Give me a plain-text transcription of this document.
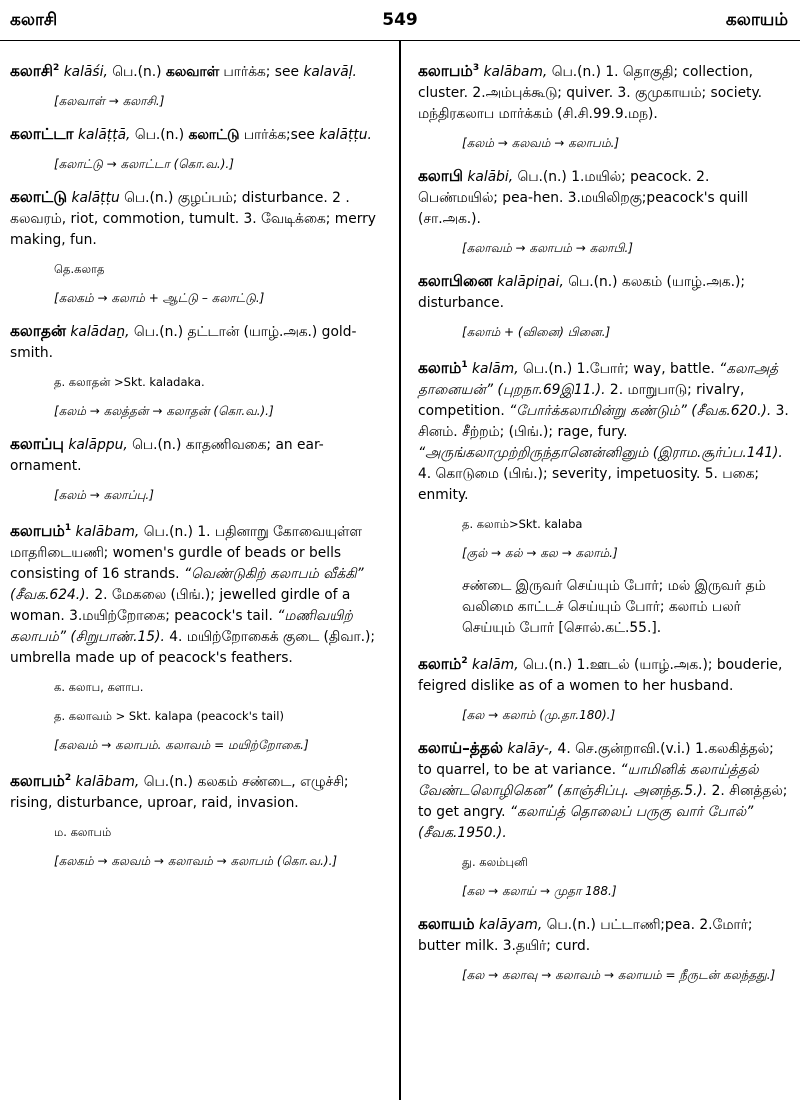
கலாசி	549	கலாயம்
கலாசி$^2$ kalāśi, பெ.(n.) கலவாள் பார்க்க; see kalavāḷ.
[கலவாள் → கலாசி.]
கலாட்டா kalāṭṭā, பெ.(n.) கலாட்டு பார்க்க;see kalāṭṭu.
[கலாட்டு → கலாட்டா (கொ.வ.).]
கலாட்டு kalāṭṭu பெ.(n.) குழப்பம்; disturbance. 2 . கலவரம், riot, commotion, tumult. 3. வேடிக்கை; merry making, fun.
தெ.கலாத
[கலகம் → கலாம் + ஆட்டு – கலாட்டு.]
கலாதன் kalādaṉ, பெ.(n.) தட்டான் (யாழ்.அக.) gold-smith.
த. கலாதன் >Skt. kaladaka.
[கலம் → கலத்தன் → கலாதன் (கொ.வ.).]
கலாப்பு kalāppu, பெ.(n.) காதணிவகை; an ear-ornament.
[கலம் → கலாப்பு.]
கலாபம்$^1$ kalābam, பெ.(n.) 1. பதினாறு கோவையுள்ள மாதரிடையணி; women's gurdle of beads or bells consisting of 16 strands. “வெண்டுகிற் கலாபம் வீக்கி” (சீவக.624.). 2. மேகலை (பிங்.); jewelled girdle of a woman. 3.மயிற்றோகை; peacock's tail. “மணிவயிற் கலாபம்” (சிறுபாண்.15). 4. மயிற்றோகைக் குடை (திவா.); umbrella made up of peacock's feathers.
க. கலாப, களாப.
த. கலாவம் > Skt. kalapa (peacock's tail)
[கலவம் → கலாபம். கலாவம் = மயிற்றோகை.]
கலாபம்$^2$ kalābam, பெ.(n.) கலகம் சண்டை, எழுச்சி; rising, disturbance, uproar, raid, invasion.
ம. கலாபம்
[கலகம் → கலவம் → கலாவம் → கலாபம் (கொ.வ.).]
கலாபம்$^3$ kalābam, பெ.(n.) 1. தொகுதி; collection, cluster. 2.அம்புக்கூடு; quiver. 3. குமுகாயம்; society. மந்திரகலாப மார்க்கம் (சி.சி.99.9.மந).
[கலம் → கலவம் → கலாபம்.]
கலாபி kalābi, பெ.(n.) 1.மயில்; peacock. 2. பெண்மயில்; pea-hen. 3.மயிலிறகு;peacock's quill (சா.அக.).
[கலாவம் → கலாபம் → கலாபி.]
கலாபினை kalāpiṉai, பெ.(n.) கலகம் (யாழ்.அக.); disturbance.
[கலாம் + (வினை) பினை.]
கலாம்$^1$ kalām, பெ.(n.) 1.போர்; way, battle. “கலாஅத் தானையன்” (புறநா.69இ11.). 2. மாறுபாடு; rivalry, competition. “போர்க்கலாமின்று கண்டும்” (சீவக.620.). 3. சினம். சீற்றம்; (பிங்.); rage, fury. “அருங்கலாமுற்றிருந்தானென்னினும் (இராம.சூர்ப்ப.141). 4. கொடுமை (பிங்.); severity, impetuosity. 5. பகை; enmity.
த. கலாம்>Skt. kalaba
[குல் → கல் → கல → கலாம்.]
சண்டை இருவர் செய்யும் போர்; மல் இருவர் தம் வலிமை காட்டச் செய்யும் போர்; கலாம் பலர் செய்யும் போர் [சொல்.கட்.55.].
கலாம்$^2$ kalām, பெ.(n.) 1.ஊடல் (யாழ்.அக.); bouderie, feigred dislike as of a women to her husband.
[கல → கலாம் (மு.தா.180).]
கலாய்–த்தல் kalāy-, 4. செ.குன்றாவி.(v.i.) 1.கலகித்தல்; to quarrel, to be at variance. “யாமினிக் கலாய்த்தல் வேண்டலொழிகென” (காஞ்சிப்பு. அனந்த.5.). 2. சினத்தல்; to get angry. “கலாய்த் தொலைப் பருகு வார் போல்” (சீவக.1950.).
து. கலம்புனி
[கல → கலாய் → முதா 188.]
கலாயம் kalāyam, பெ.(n.) பட்டாணி;pea. 2.மோர்; butter milk. 3.தயிர்; curd.
[கல → கலாவு → கலாவம் → கலாயம் = நீருடன் கலந்தது.]
